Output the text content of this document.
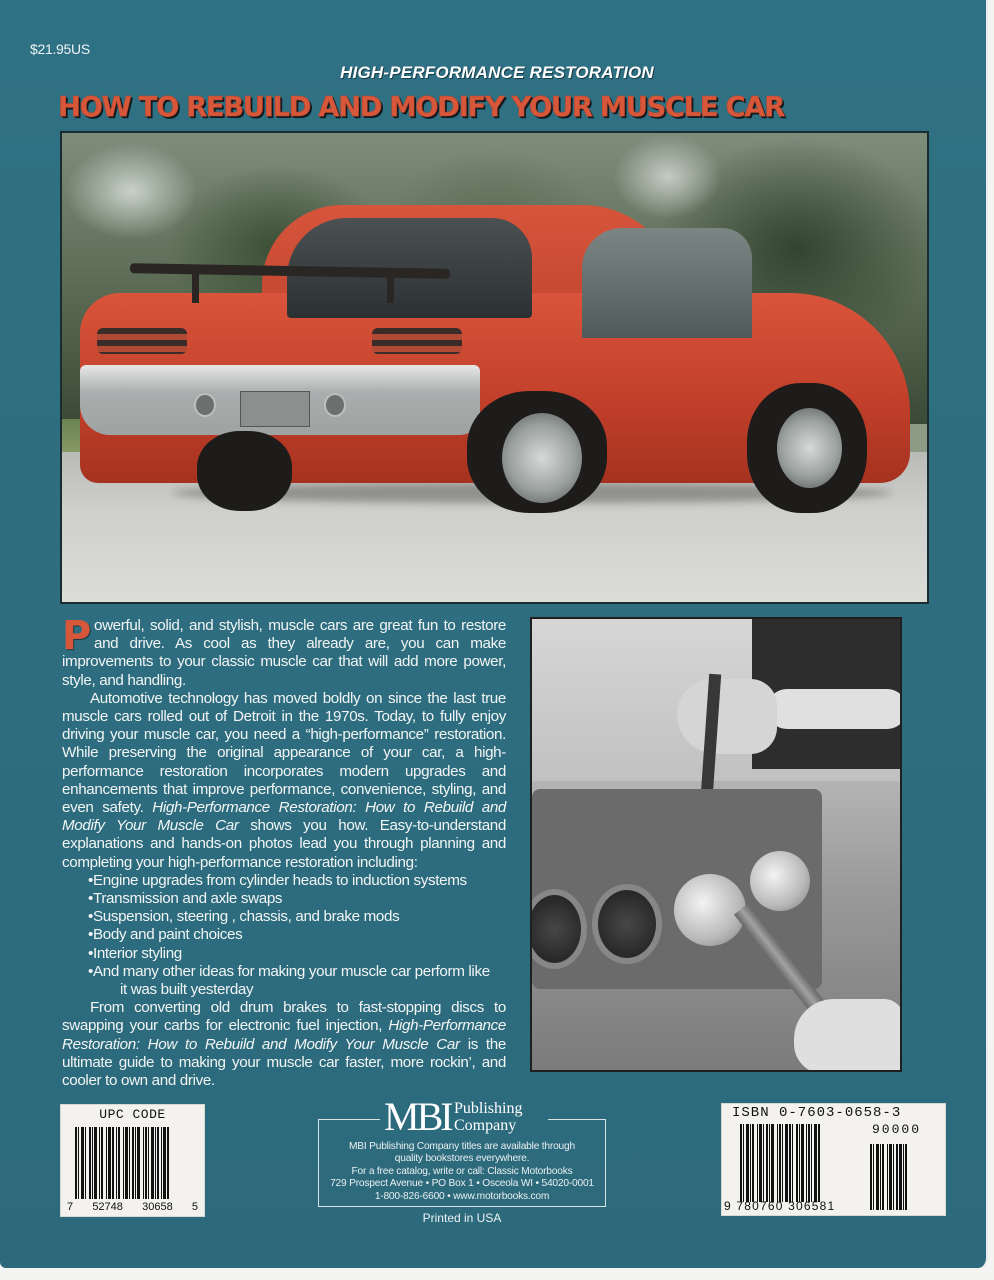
$21.95US
HIGH-PERFORMANCE RESTORATION
HOW TO REBUILD AND MODIFY YOUR MUSCLE CAR

Powerful, solid, and stylish, muscle cars are great fun to restore and drive. As cool as they already are, you can make improvements to your classic muscle car that will add more power, style, and handling.

Automotive technology has moved boldly on since the last true muscle cars rolled out of Detroit in the 1970s. Today, to fully enjoy driving your muscle car, you need a “high-performance” restoration. While preserving the original appearance of your car, a high-performance restoration incorporates modern upgrades and enhancements that improve performance, convenience, styling, and even safety. High-Performance Restoration: How to Rebuild and Modify Your Muscle Car shows you how. Easy-to-understand explanations and hands-on photos lead you through planning and completing your high-performance restoration including:

•Engine upgrades from cylinder heads to induction systems
•Transmission and axle swaps
•Suspension, steering , chassis, and brake mods
•Body and paint choices
•Interior styling
•And many other ideas for making your muscle car perform like
it was built yesterday

From converting old drum brakes to fast-stopping discs to swapping your carbs for electronic fuel injection, High-Performance Restoration: How to Rebuild and Modify Your Muscle Car is the ultimate guide to making your muscle car faster, more rockin’, and cooler to own and drive.

UPC CODE
7 52748 30658 5
MBI Publishing
Company
MBI Publishing Company titles are available through
quality bookstores everywhere.
For a free catalog, write or call: Classic Motorbooks
729 Prospect Avenue • PO Box 1 • Osceola WI • 54020-0001
1-800-826-6600 • www.motorbooks.com
Printed in USA
ISBN 0-7603-0658-3
90000
9 780760 306581
